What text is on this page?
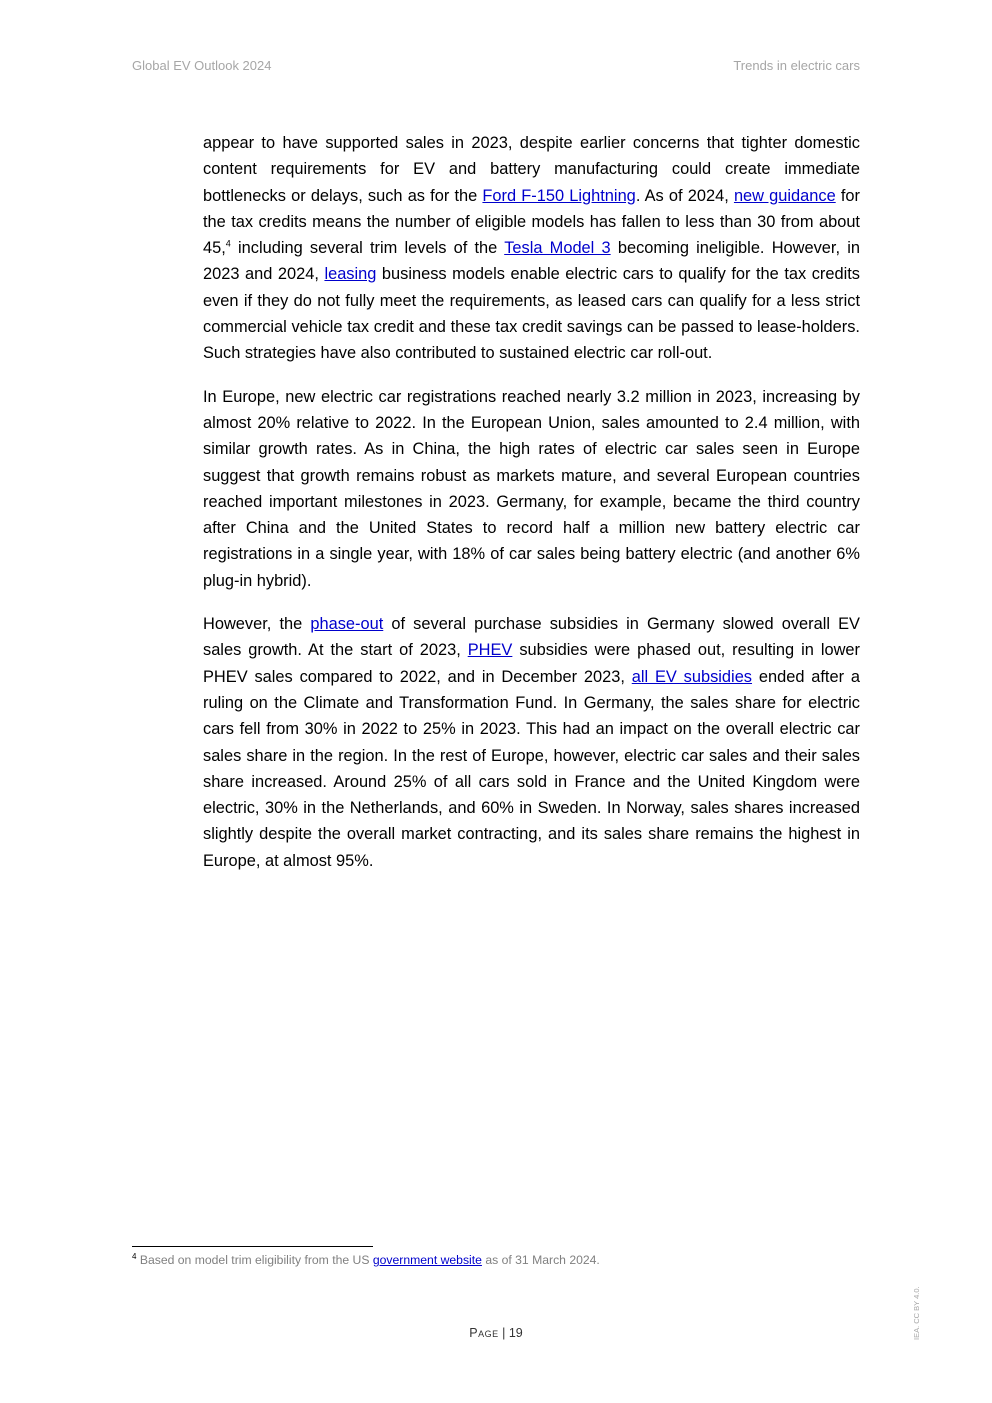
Global EV Outlook 2024	Trends in electric cars

appear to have supported sales in 2023, despite earlier concerns that tighter domestic content requirements for EV and battery manufacturing could create immediate bottlenecks or delays, such as for the Ford F-150 Lightning. As of 2024, new guidance for the tax credits means the number of eligible models has fallen to less than 30 from about 45,$^4$ including several trim levels of the Tesla Model 3 becoming ineligible. However, in 2023 and 2024, leasing business models enable electric cars to qualify for the tax credits even if they do not fully meet the requirements, as leased cars can qualify for a less strict commercial vehicle tax credit and these tax credit savings can be passed to lease-holders. Such strategies have also contributed to sustained electric car roll-out.

In Europe, new electric car registrations reached nearly 3.2 million in 2023, increasing by almost 20% relative to 2022. In the European Union, sales amounted to 2.4 million, with similar growth rates. As in China, the high rates of electric car sales seen in Europe suggest that growth remains robust as markets mature, and several European countries reached important milestones in 2023. Germany, for example, became the third country after China and the United States to record half a million new battery electric car registrations in a single year, with 18% of car sales being battery electric (and another 6% plug-in hybrid).

However, the phase-out of several purchase subsidies in Germany slowed overall EV sales growth. At the start of 2023, PHEV subsidies were phased out, resulting in lower PHEV sales compared to 2022, and in December 2023, all EV subsidies ended after a ruling on the Climate and Transformation Fund. In Germany, the sales share for electric cars fell from 30% in 2022 to 25% in 2023. This had an impact on the overall electric car sales share in the region. In the rest of Europe, however, electric car sales and their sales share increased. Around 25% of all cars sold in France and the United Kingdom were electric, 30% in the Netherlands, and 60% in Sweden. In Norway, sales shares increased slightly despite the overall market contracting, and its sales share remains the highest in Europe, at almost 95%.

$^4$ Based on model trim eligibility from the US government website as of 31 March 2024.
Page | 19	IEA. CC BY 4.0.
